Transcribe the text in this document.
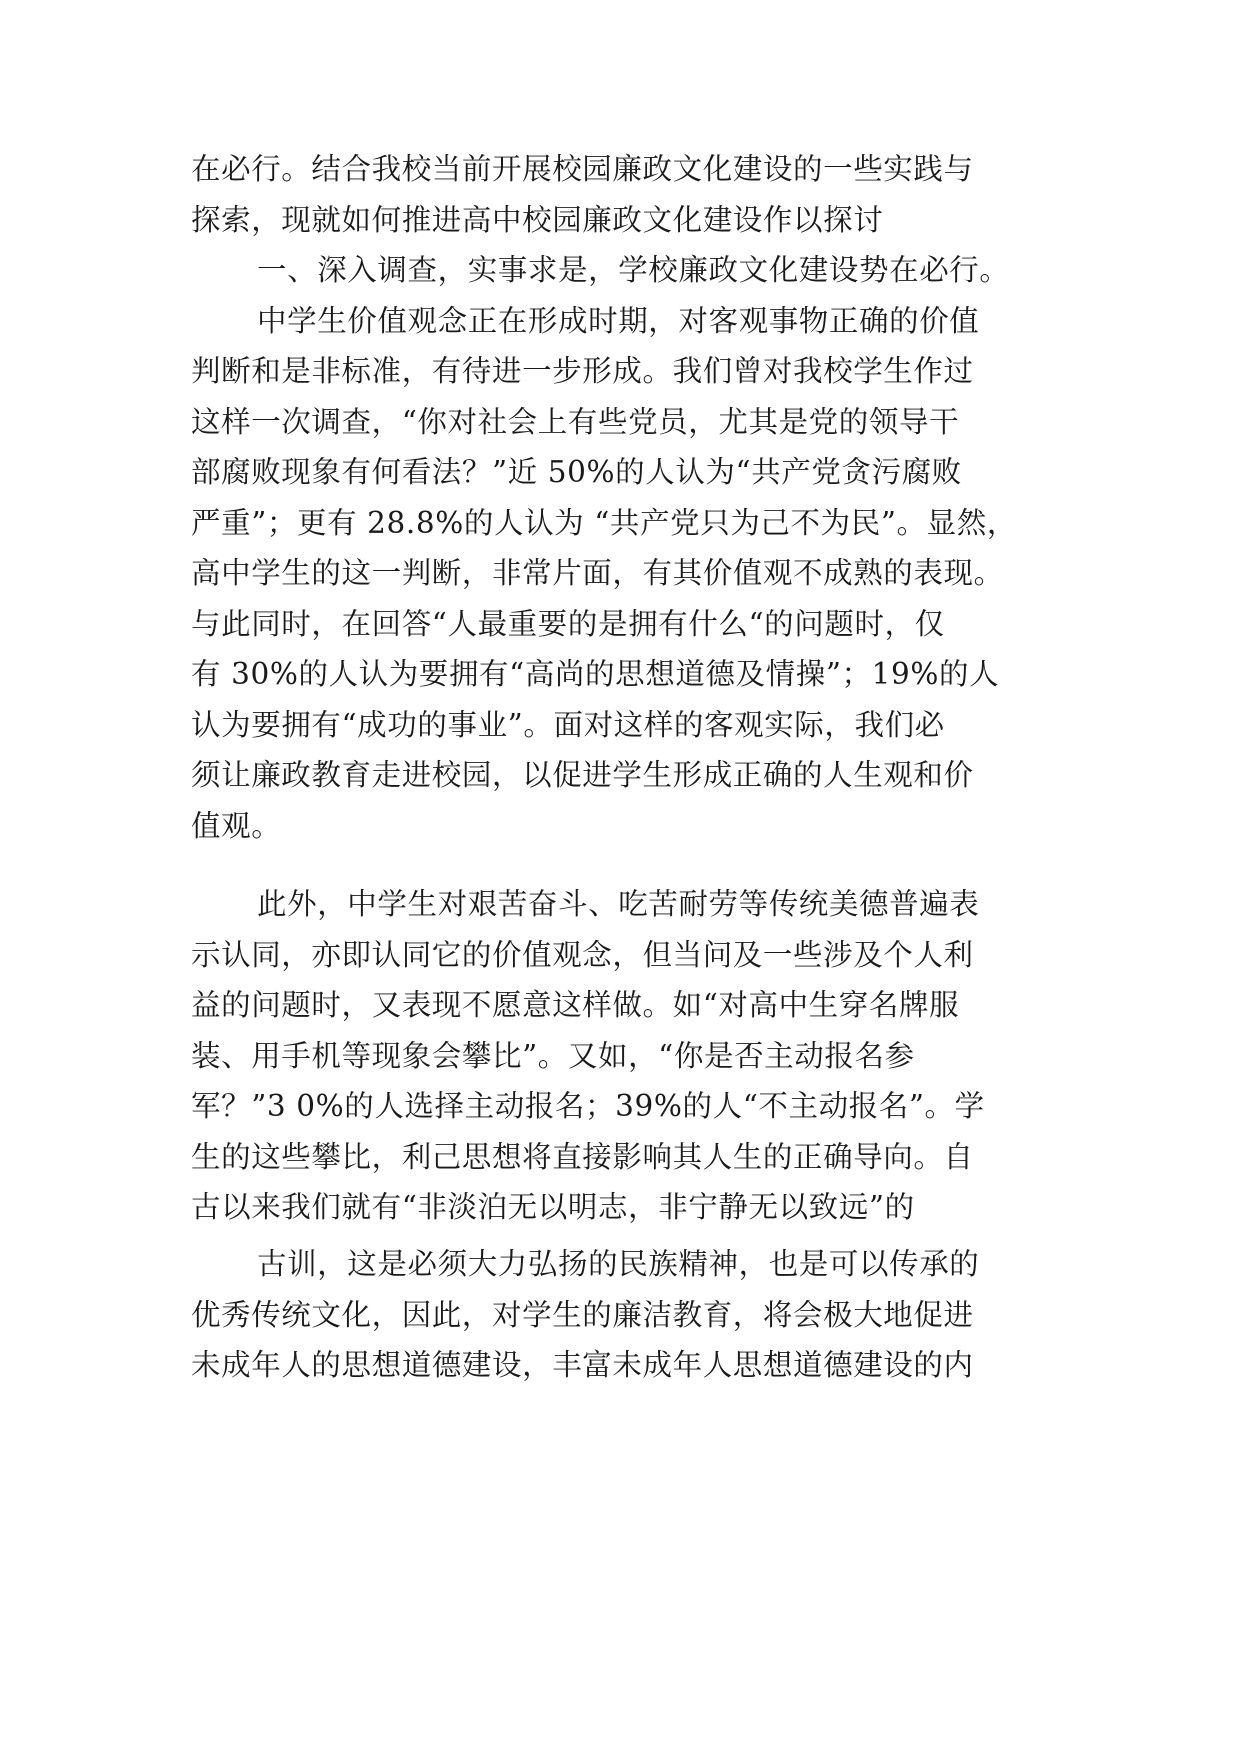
在必行。结合我校当前开展校园廉政文化建设的一些实践与
探索，现就如何推进高中校园廉政文化建设作以探讨
一、深入调查，实事求是，学校廉政文化建设势在必行。
中学生价值观念正在形成时期，对客观事物正确的价值
判断和是非标准，有待进一步形成。我们曾对我校学生作过
这样一次调查，“你对社会上有些党员，尤其是党的领导干
部腐败现象有何看法？”近 50%的人认为“共产党贪污腐败
严重”；更有 28.8%的人认为 “共产党只为己不为民”。显然，
高中学生的这一判断，非常片面，有其价值观不成熟的表现。
与此同时，在回答“人最重要的是拥有什么“的问题时，仅
有 30%的人认为要拥有“高尚的思想道德及情操”；19%的人
认为要拥有“成功的事业”。面对这样的客观实际，我们必
须让廉政教育走进校园，以促进学生形成正确的人生观和价
值观。
此外，中学生对艰苦奋斗、吃苦耐劳等传统美德普遍表
示认同，亦即认同它的价值观念，但当问及一些涉及个人利
益的问题时，又表现不愿意这样做。如“对高中生穿名牌服
装、用手机等现象会攀比”。又如，“你是否主动报名参
军？”3 0%的人选择主动报名；39%的人“不主动报名”。学
生的这些攀比，利己思想将直接影响其人生的正确导向。自
古以来我们就有“非淡泊无以明志，非宁静无以致远”的
古训，这是必须大力弘扬的民族精神，也是可以传承的
优秀传统文化，因此，对学生的廉洁教育，将会极大地促进
未成年人的思想道德建设，丰富未成年人思想道德建设的内
